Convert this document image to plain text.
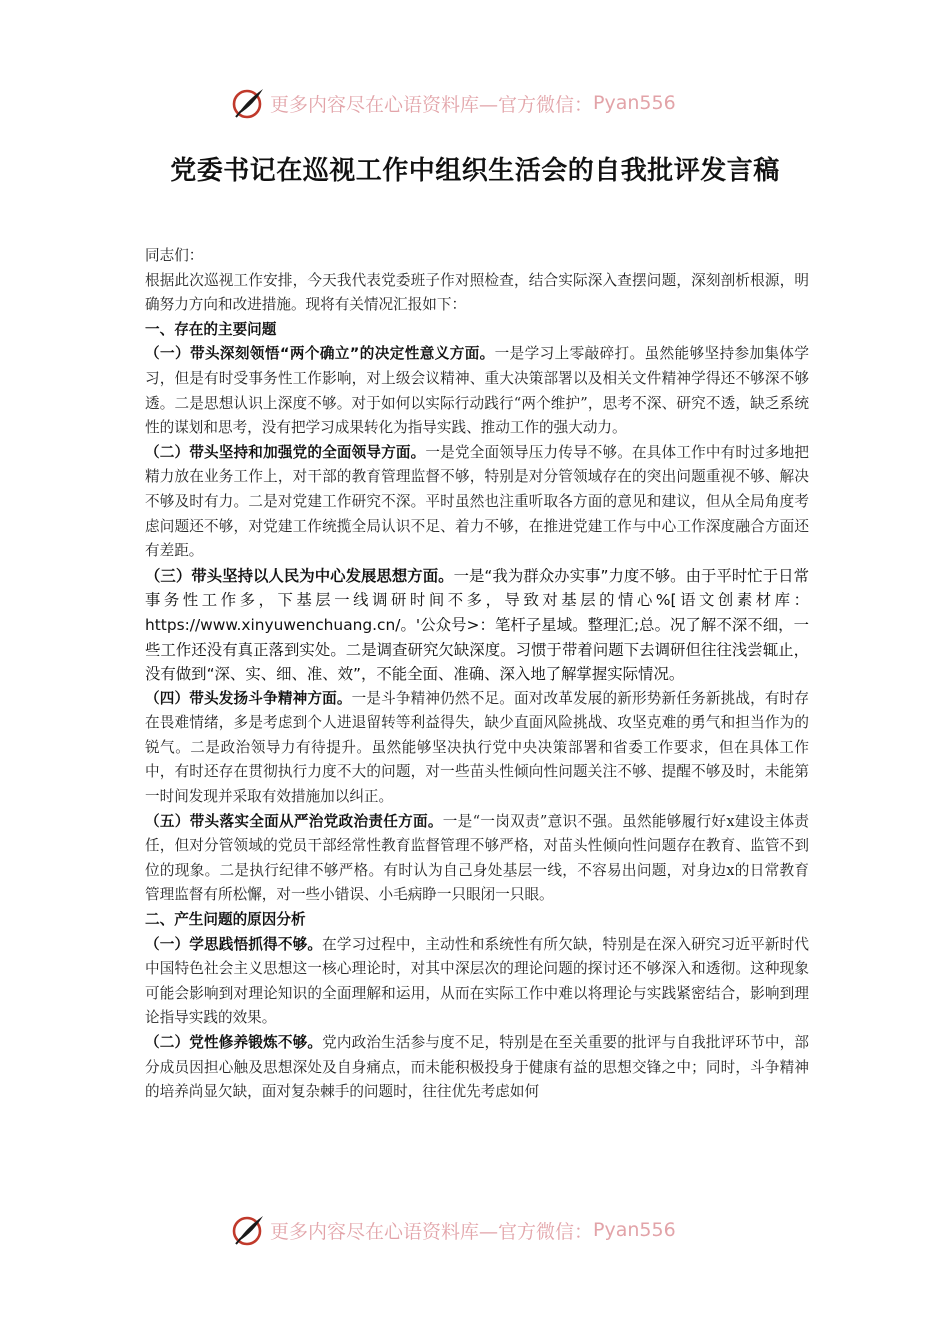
更多内容尽在心语资料库—官方微信： Pyan556
党委书记在巡视工作中组织生活会的自我批评发言稿

同志们：

根据此次巡视工作安排，今天我代表党委班子作对照检查，结合实际深入查摆问题，深刻剖析根源，明确努力方向和改进措施。现将有关情况汇报如下：

一、存在的主要问题

（一）带头深刻领悟“两个确立”的决定性意义方面。一是学习上零敲碎打。虽然能够坚持参加集体学习，但是有时受事务性工作影响，对上级会议精神、重大决策部署以及相关文件精神学得还不够深不够透。二是思想认识上深度不够。对于如何以实际行动践行“两个维护”，思考不深、研究不透，缺乏系统性的谋划和思考，没有把学习成果转化为指导实践、推动工作的强大动力。

（二）带头坚持和加强党的全面领导方面。一是党全面领导压力传导不够。在具体工作中有时过多地把精力放在业务工作上，对干部的教育管理监督不够，特别是对分管领域存在的突出问题重视不够、解决不够及时有力。二是对党建工作研究不深。平时虽然也注重听取各方面的意见和建议，但从全局角度考虑问题还不够，对党建工作统揽全局认识不足、着力不够，在推进党建工作与中心工作深度融合方面还有差距。

（三）带头坚持以人民为中心发展思想方面。一是“我为群众办实事”力度不够。由于平时忙于日常事务性工作多，下基层一线调研时间不多，导致对基层的情心%[语文创素材库：https://www.xinyuwenchuang.cn/。'公众号>：笔杆子星域。整理汇;总。况了解不深不细，一些工作还没有真正落到实处。二是调查研究欠缺深度。习惯于带着问题下去调研但往往浅尝辄止，没有做到“深、实、细、准、效”，不能全面、准确、深入地了解掌握实际情况。

（四）带头发扬斗争精神方面。一是斗争精神仍然不足。面对改革发展的新形势新任务新挑战，有时存在畏难情绪，多是考虑到个人进退留转等利益得失，缺少直面风险挑战、攻坚克难的勇气和担当作为的锐气。二是政治领导力有待提升。虽然能够坚决执行党中央决策部署和省委工作要求，但在具体工作中，有时还存在贯彻执行力度不大的问题，对一些苗头性倾向性问题关注不够、提醒不够及时，未能第一时间发现并采取有效措施加以纠正。

（五）带头落实全面从严治党政治责任方面。一是“一岗双责”意识不强。虽然能够履行好x建设主体责任，但对分管领域的党员干部经常性教育监督管理不够严格，对苗头性倾向性问题存在教育、监管不到位的现象。二是执行纪律不够严格。有时认为自己身处基层一线，不容易出问题，对身边x的日常教育管理监督有所松懈，对一些小错误、小毛病睁一只眼闭一只眼。

二、产生问题的原因分析

（一）学思践悟抓得不够。在学习过程中，主动性和系统性有所欠缺，特别是在深入研究习近平新时代中国特色社会主义思想这一核心理论时，对其中深层次的理论问题的探讨还不够深入和透彻。这种现象可能会影响到对理论知识的全面理解和运用，从而在实际工作中难以将理论与实践紧密结合，影响到理论指导实践的效果。

（二）党性修养锻炼不够。党内政治生活参与度不足，特别是在至关重要的批评与自我批评环节中，部分成员因担心触及思想深处及自身痛点，而未能积极投身于健康有益的思想交锋之中；同时，斗争精神的培养尚显欠缺，面对复杂棘手的问题时，往往优先考虑如何

更多内容尽在心语资料库—官方微信： Pyan556
